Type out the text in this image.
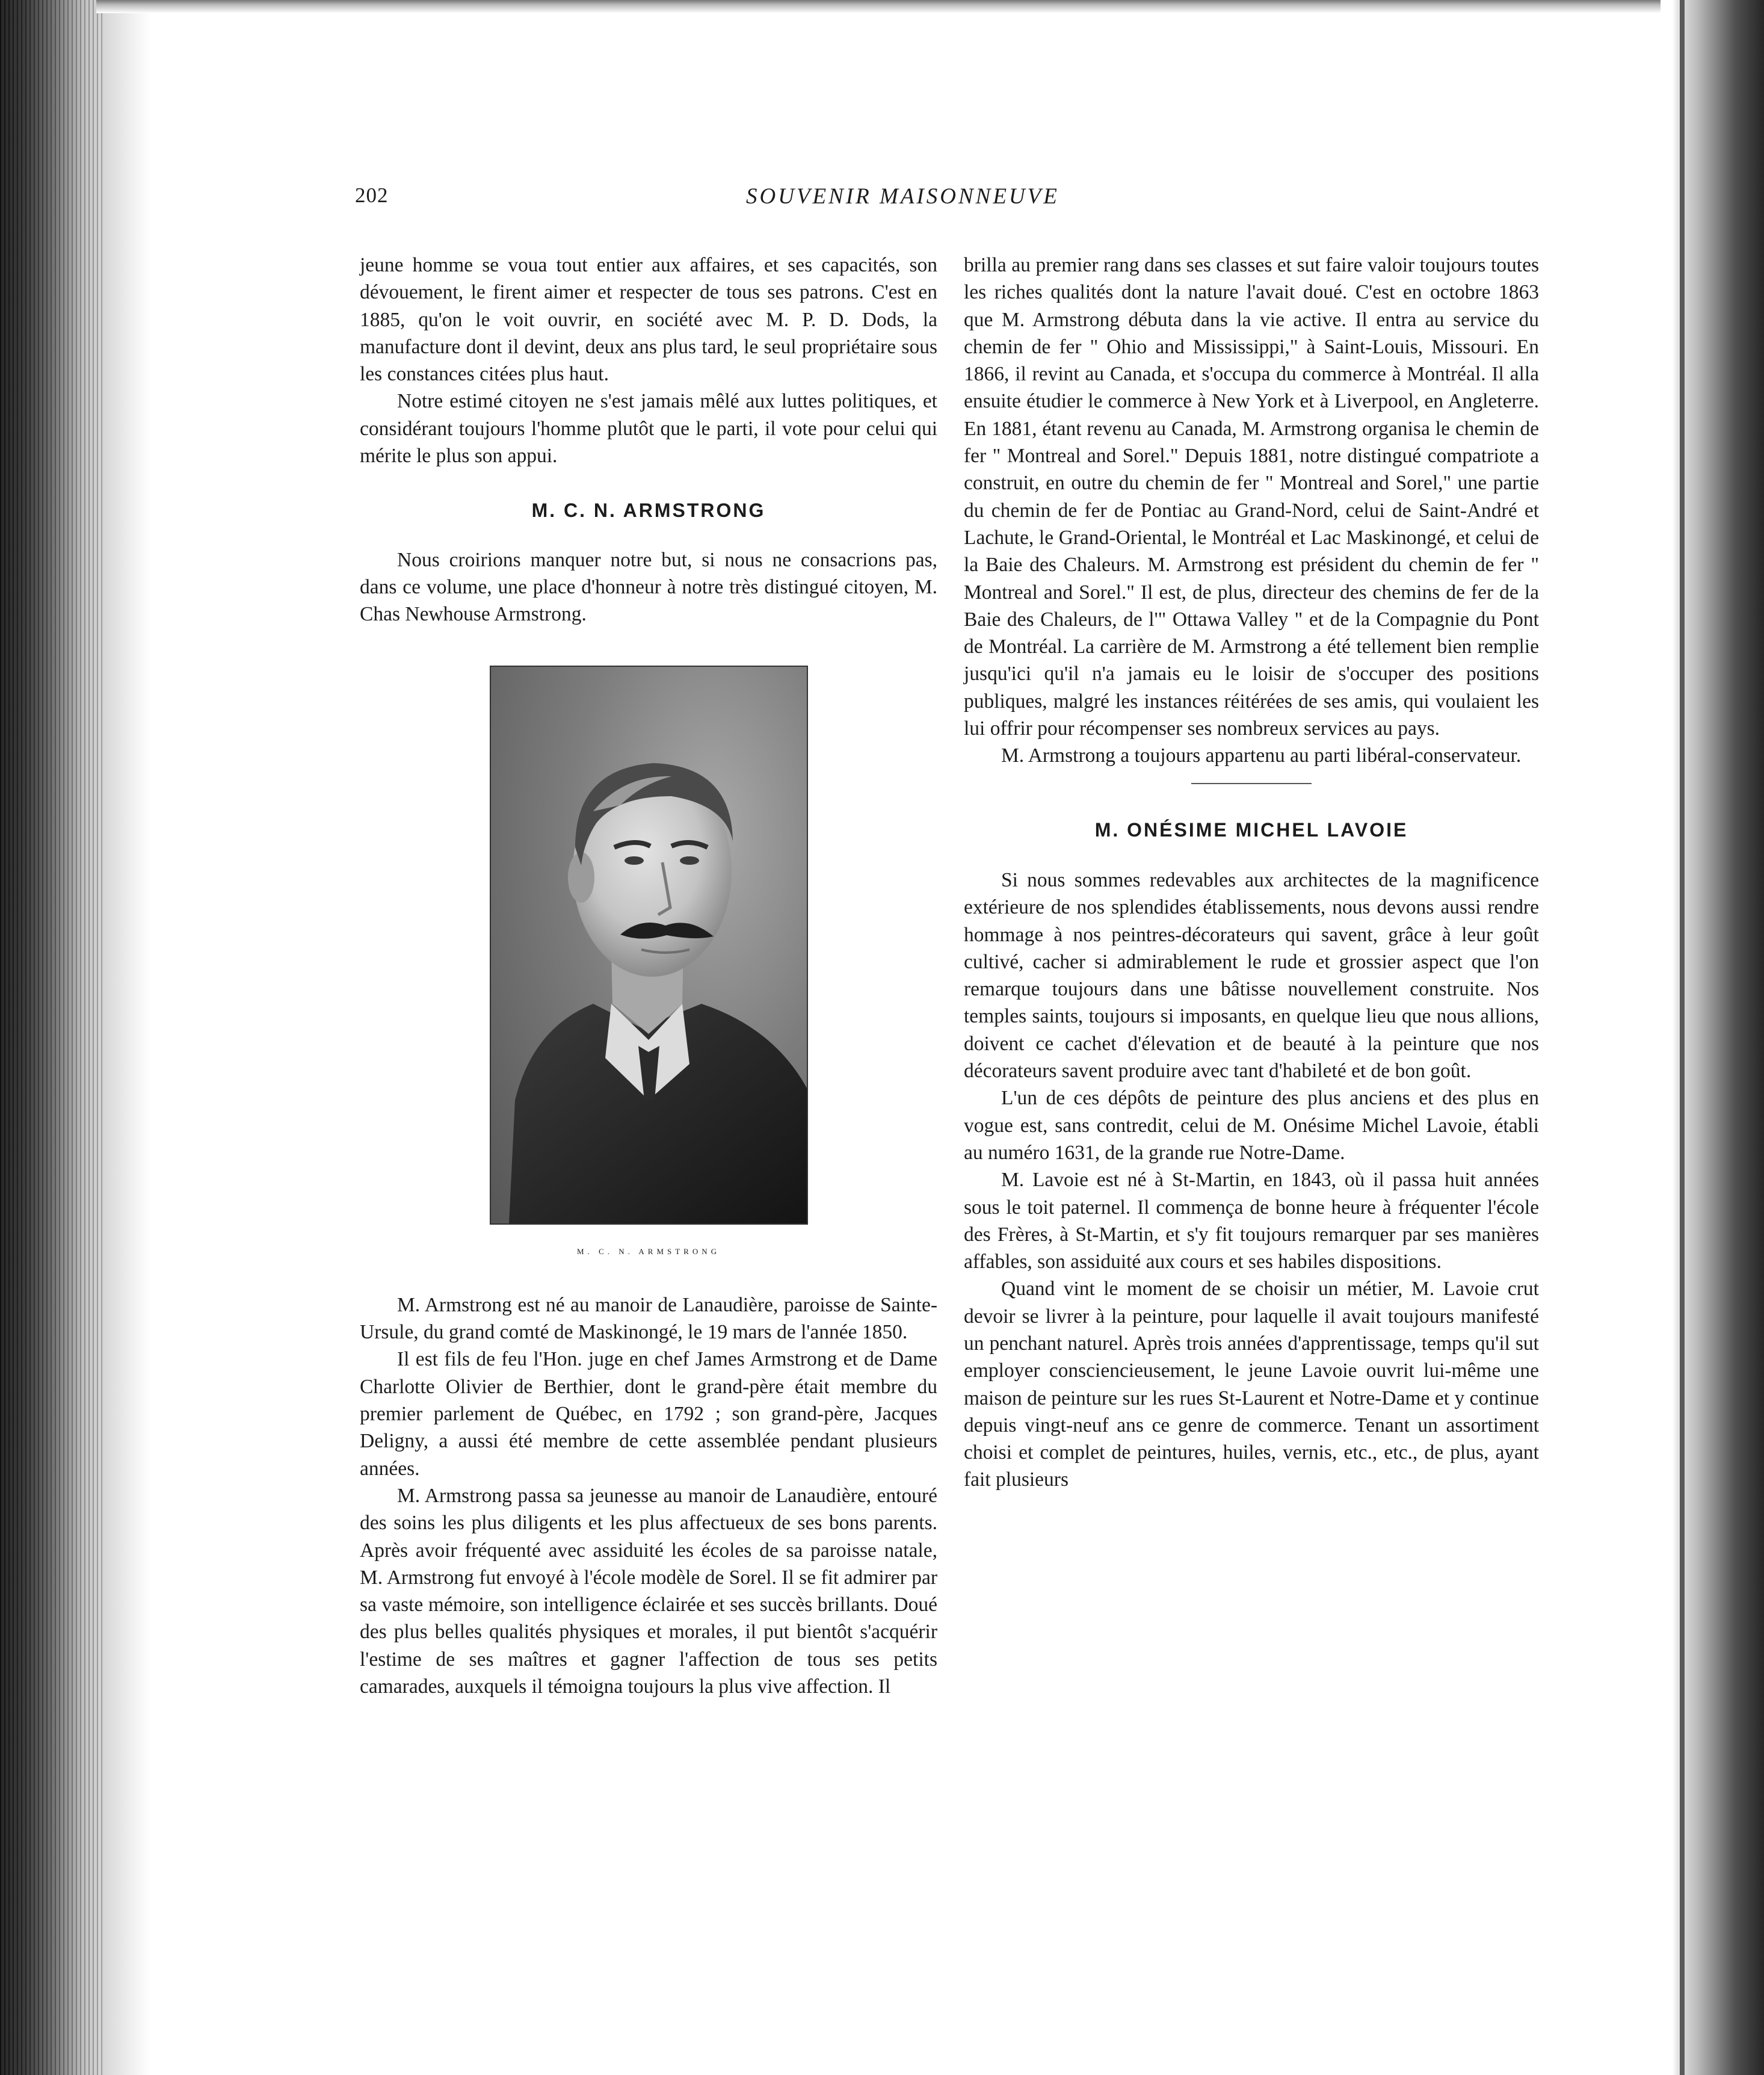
202	SOUVENIR MAISONNEUVE

jeune homme se voua tout entier aux affaires, et ses capacités, son dévouement, le firent aimer et respecter de tous ses patrons. C'est en 1885, qu'on le voit ouvrir, en société avec M. P. D. Dods, la manufacture dont il devint, deux ans plus tard, le seul propriétaire sous les constances citées plus haut.

Notre estimé citoyen ne s'est jamais mêlé aux luttes politiques, et considérant toujours l'homme plutôt que le parti, il vote pour celui qui mérite le plus son appui.

M. C. N. ARMSTRONG

Nous croirions manquer notre but, si nous ne consacrions pas, dans ce volume, une place d'honneur à notre très distingué citoyen, M. Chas Newhouse Armstrong.

M. C. N. ARMSTRONG

M. Armstrong est né au manoir de Lanaudière, paroisse de Sainte-Ursule, du grand comté de Maskinongé, le 19 mars de l'année 1850.

Il est fils de feu l'Hon. juge en chef James Armstrong et de Dame Charlotte Olivier de Berthier, dont le grand-père était membre du premier parlement de Québec, en 1792 ; son grand-père, Jacques Deligny, a aussi été membre de cette assemblée pendant plusieurs années.

M. Armstrong passa sa jeunesse au manoir de Lanaudière, entouré des soins les plus diligents et les plus affectueux de ses bons parents. Après avoir fréquenté avec assiduité les écoles de sa paroisse natale, M. Armstrong fut envoyé à l'école modèle de Sorel. Il se fit admirer par sa vaste mémoire, son intelligence éclairée et ses succès brillants. Doué des plus belles qualités physiques et morales, il put bientôt s'acquérir l'estime de ses maîtres et gagner l'affection de tous ses petits camarades, auxquels il témoigna toujours la plus vive affection. Il

brilla au premier rang dans ses classes et sut faire valoir toujours toutes les riches qualités dont la nature l'avait doué. C'est en octobre 1863 que M. Armstrong débuta dans la vie active. Il entra au service du chemin de fer " Ohio and Mississippi," à Saint-Louis, Missouri. En 1866, il revint au Canada, et s'occupa du commerce à Montréal. Il alla ensuite étudier le commerce à New York et à Liverpool, en Angleterre. En 1881, étant revenu au Canada, M. Armstrong organisa le chemin de fer " Montreal and Sorel." Depuis 1881, notre distingué compatriote a construit, en outre du chemin de fer " Montreal and Sorel," une partie du chemin de fer de Pontiac au Grand-Nord, celui de Saint-André et Lachute, le Grand-Oriental, le Montréal et Lac Maskinongé, et celui de la Baie des Chaleurs. M. Armstrong est président du chemin de fer " Montreal and Sorel." Il est, de plus, directeur des chemins de fer de la Baie des Chaleurs, de l'" Ottawa Valley " et de la Compagnie du Pont de Montréal. La carrière de M. Armstrong a été tellement bien remplie jusqu'ici qu'il n'a jamais eu le loisir de s'occuper des positions publiques, malgré les instances réitérées de ses amis, qui voulaient les lui offrir pour récompenser ses nombreux services au pays.

M. Armstrong a toujours appartenu au parti libéral-conservateur.

M. ONÉSIME MICHEL LAVOIE

Si nous sommes redevables aux architectes de la magnificence extérieure de nos splendides établissements, nous devons aussi rendre hommage à nos peintres-décorateurs qui savent, grâce à leur goût cultivé, cacher si admirablement le rude et grossier aspect que l'on remarque toujours dans une bâtisse nouvellement construite. Nos temples saints, toujours si imposants, en quelque lieu que nous allions, doivent ce cachet d'élevation et de beauté à la peinture que nos décorateurs savent produire avec tant d'habileté et de bon goût.

L'un de ces dépôts de peinture des plus anciens et des plus en vogue est, sans contredit, celui de M. Onésime Michel Lavoie, établi au numéro 1631, de la grande rue Notre-Dame.

M. Lavoie est né à St-Martin, en 1843, où il passa huit années sous le toit paternel. Il commença de bonne heure à fréquenter l'école des Frères, à St-Martin, et s'y fit toujours remarquer par ses manières affables, son assiduité aux cours et ses habiles dispositions.

Quand vint le moment de se choisir un métier, M. Lavoie crut devoir se livrer à la peinture, pour laquelle il avait toujours manifesté un penchant naturel. Après trois années d'apprentissage, temps qu'il sut employer consciencieusement, le jeune Lavoie ouvrit lui-même une maison de peinture sur les rues St-Laurent et Notre-Dame et y continue depuis vingt-neuf ans ce genre de commerce. Tenant un assortiment choisi et complet de peintures, huiles, vernis, etc., etc., de plus, ayant fait plusieurs
